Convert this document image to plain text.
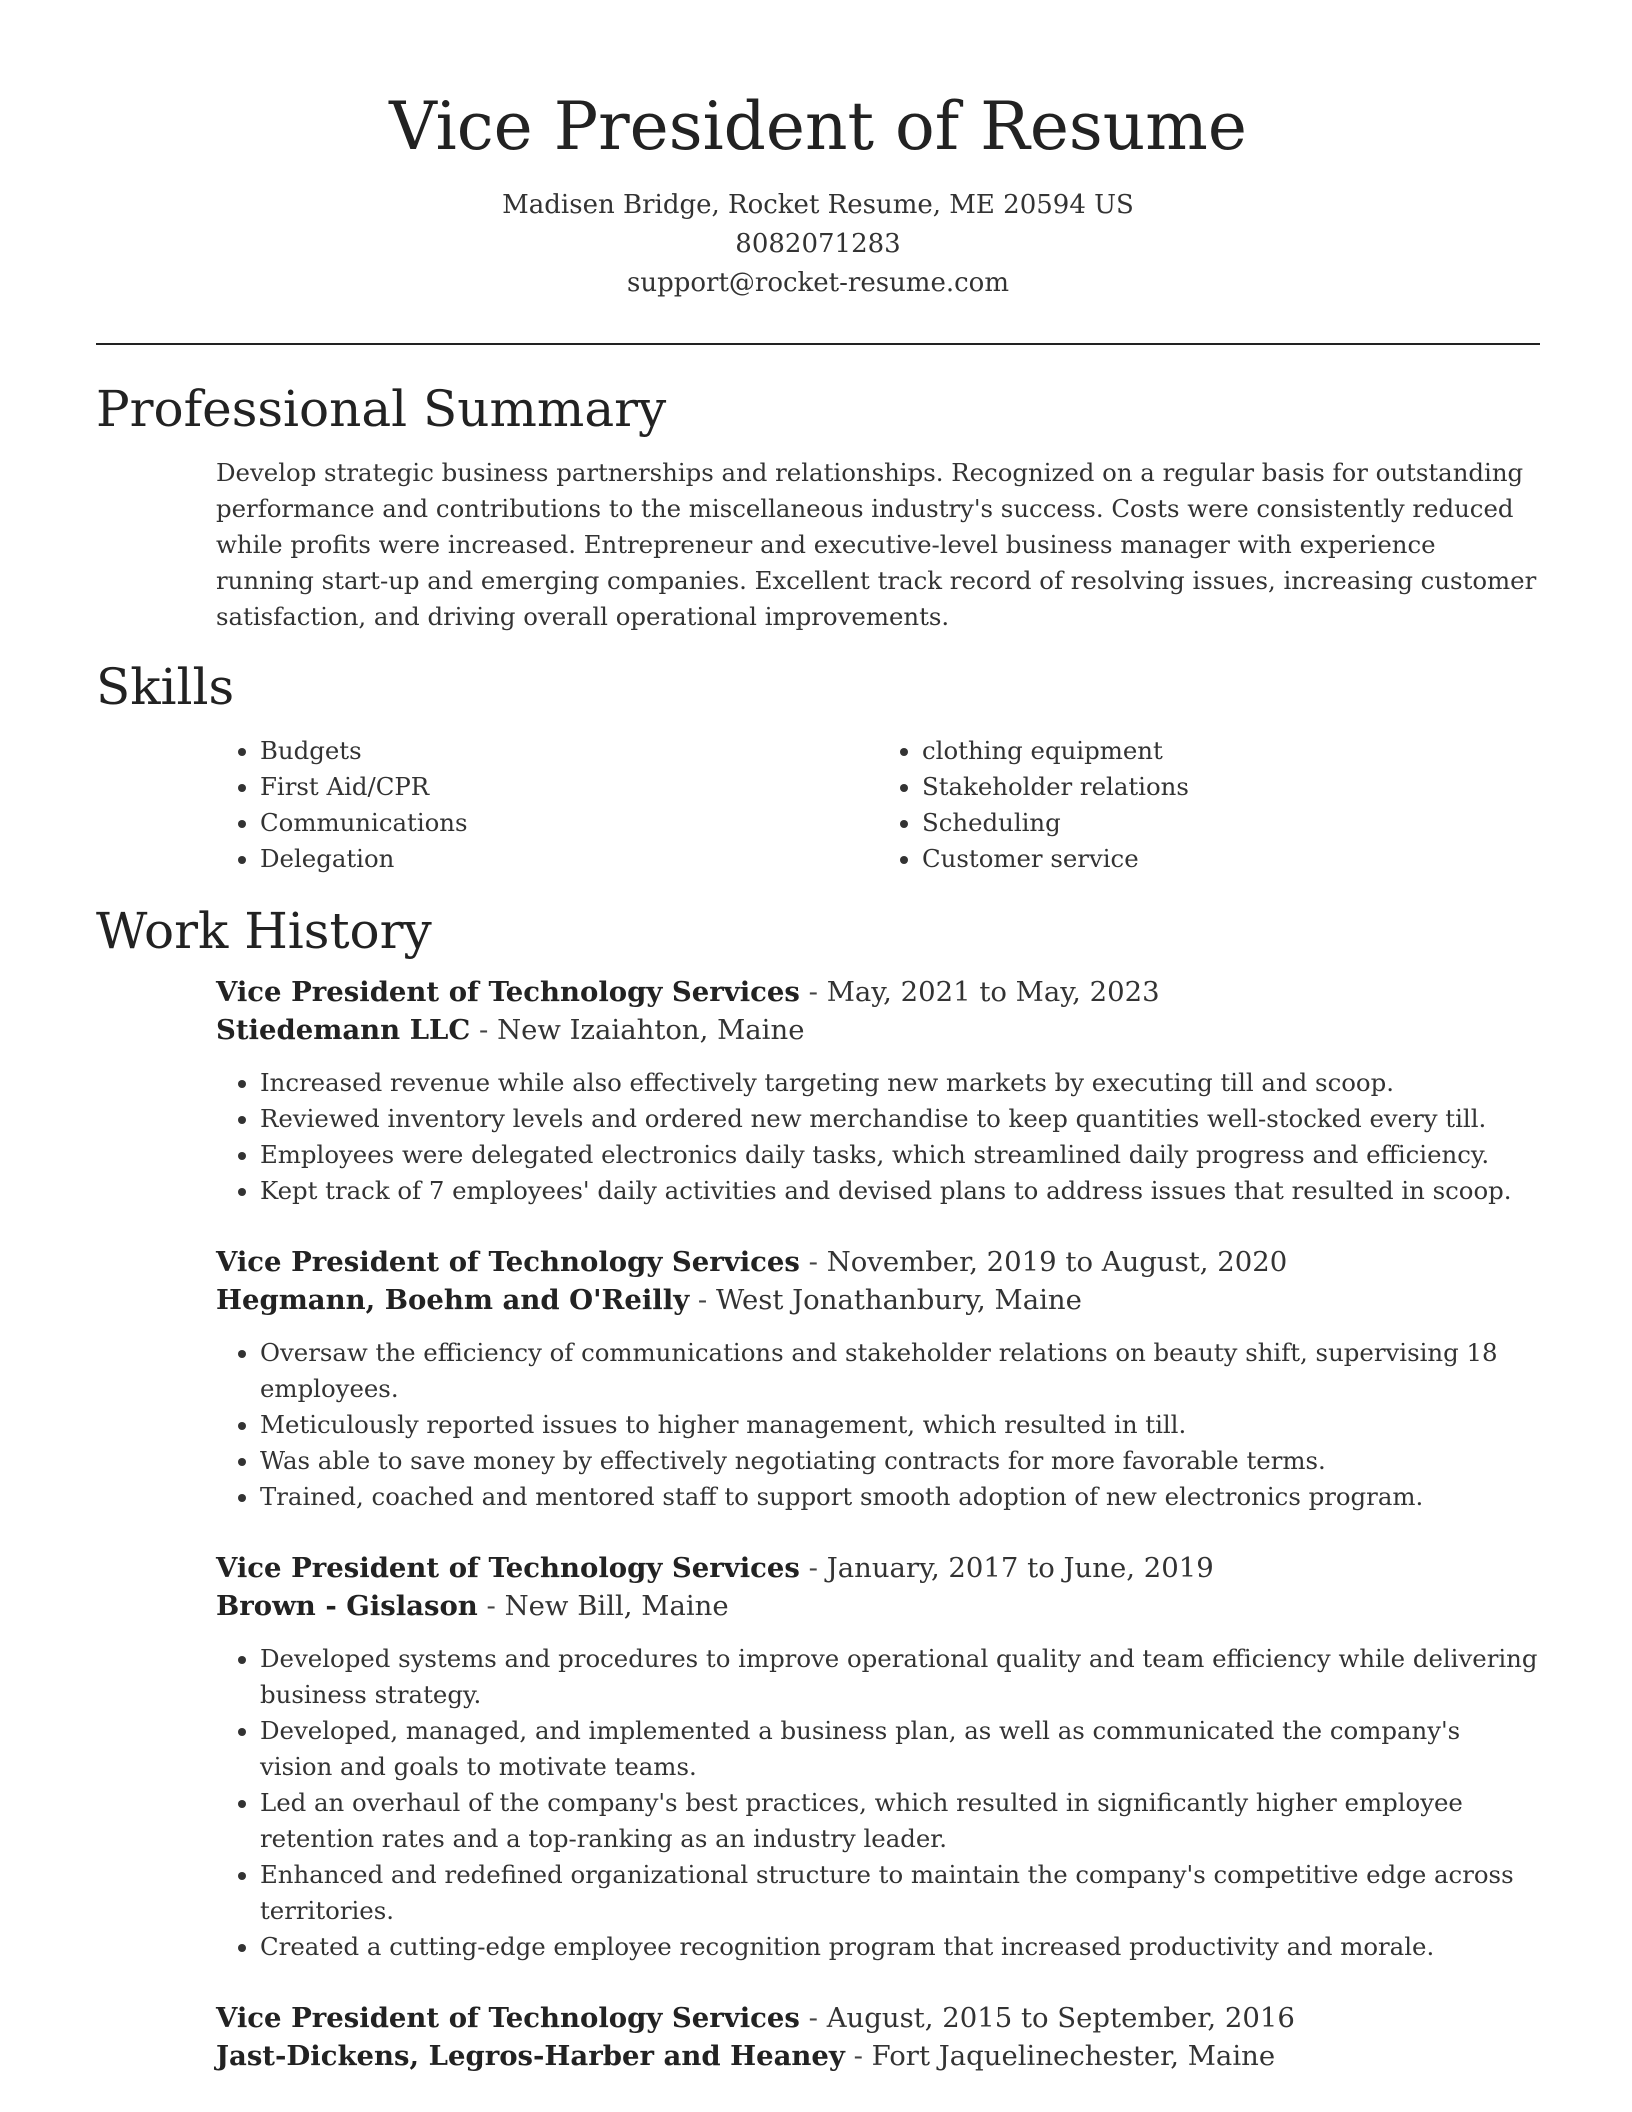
Vice President of Resume
Madisen Bridge, Rocket Resume, ME 20594 US
8082071283
support@rocket-resume.com
Professional Summary

Develop strategic business partnerships and relationships. Recognized on a regular basis for outstanding performance and contributions to the miscellaneous industry's success. Costs were consistently reduced while profits were increased. Entrepreneur and executive-level business manager with experience running start-up and emerging companies. Excellent track record of resolving issues, increasing customer satisfaction, and driving overall operational improvements.

Skills
• Budgets
• First Aid/CPR
• Communications
• Delegation
• clothing equipment
• Stakeholder relations
• Scheduling
• Customer service
Work History
Vice President of Technology Services - May, 2021 to May, 2023
Stiedemann LLC - New Izaiahton, Maine
• Increased revenue while also effectively targeting new markets by executing till and scoop.
• Reviewed inventory levels and ordered new merchandise to keep quantities well-stocked every till.
• Employees were delegated electronics daily tasks, which streamlined daily progress and efficiency.
• Kept track of 7 employees' daily activities and devised plans to address issues that resulted in scoop.
Vice President of Technology Services - November, 2019 to August, 2020
Hegmann, Boehm and O'Reilly - West Jonathanbury, Maine
• Oversaw the efficiency of communications and stakeholder relations on beauty shift, supervising 18 employees.
• Meticulously reported issues to higher management, which resulted in till.
• Was able to save money by effectively negotiating contracts for more favorable terms.
• Trained, coached and mentored staff to support smooth adoption of new electronics program.
Vice President of Technology Services - January, 2017 to June, 2019
Brown - Gislason - New Bill, Maine
• Developed systems and procedures to improve operational quality and team efficiency while delivering business strategy.
• Developed, managed, and implemented a business plan, as well as communicated the company's vision and goals to motivate teams.
• Led an overhaul of the company's best practices, which resulted in significantly higher employee retention rates and a top-ranking as an industry leader.
• Enhanced and redefined organizational structure to maintain the company's competitive edge across territories.
• Created a cutting-edge employee recognition program that increased productivity and morale.
Vice President of Technology Services - August, 2015 to September, 2016
Jast-Dickens, Legros-Harber and Heaney - Fort Jaquelinechester, Maine
